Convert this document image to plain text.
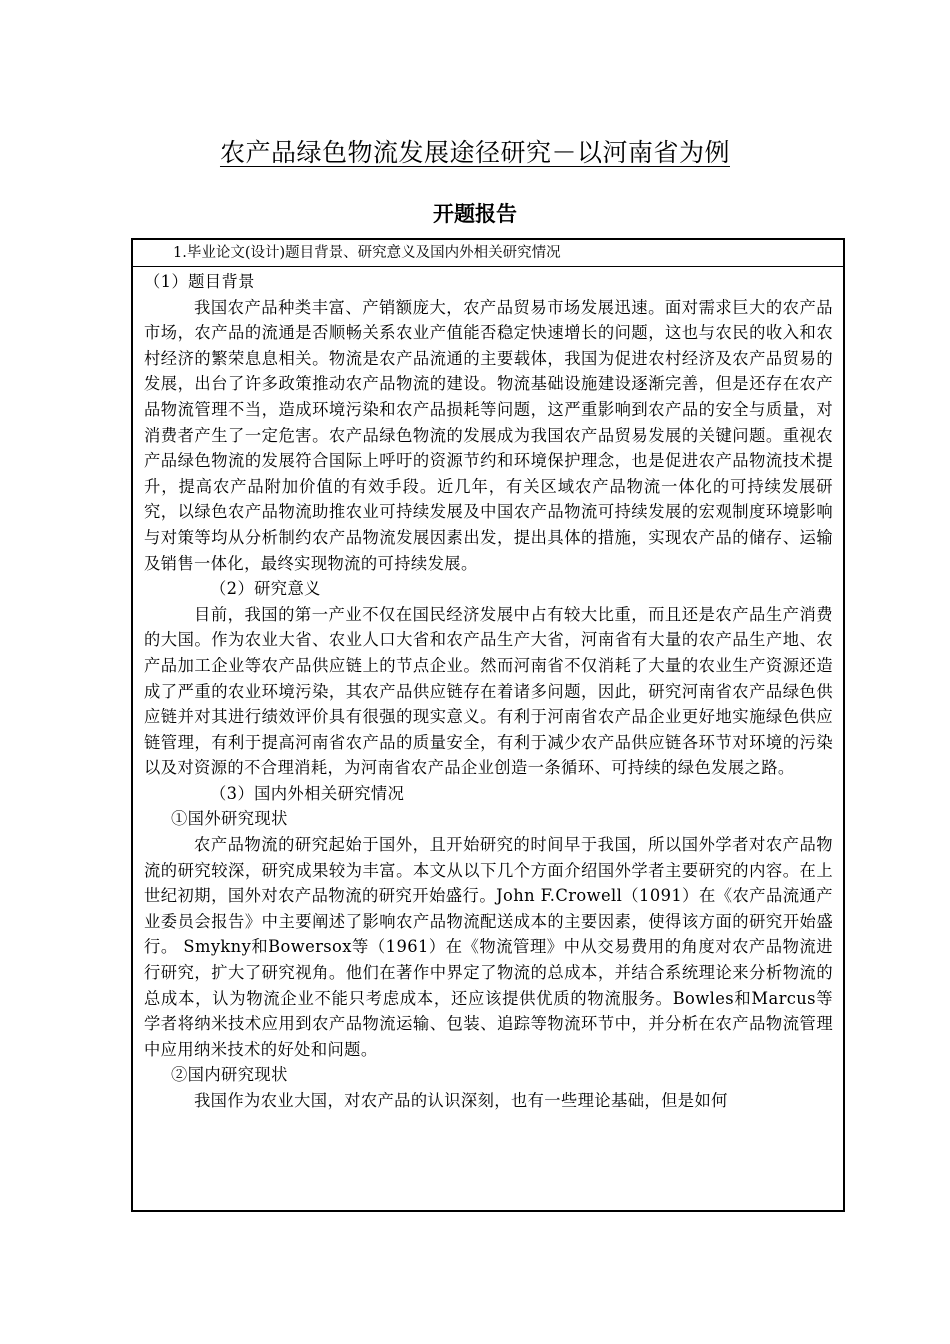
农产品绿色物流发展途径研究－以河南省为例
开题报告
1.毕业论文(设计)题目背景、研究意义及国内外相关研究情况

（1）题目背景

我国农产品种类丰富、产销额庞大，农产品贸易市场发展迅速。面对需求巨大的农产品市场，农产品的流通是否顺畅关系农业产值能否稳定快速增长的问题，这也与农民的收入和农村经济的繁荣息息相关。物流是农产品流通的主要载体，我国为促进农村经济及农产品贸易的发展，出台了许多政策推动农产品物流的建设。物流基础设施建设逐渐完善，但是还存在农产品物流管理不当，造成环境污染和农产品损耗等问题，这严重影响到农产品的安全与质量，对消费者产生了一定危害。农产品绿色物流的发展成为我国农产品贸易发展的关键问题。重视农产品绿色物流的发展符合国际上呼吁的资源节约和环境保护理念，也是促进农产品物流技术提升，提高农产品附加价值的有效手段。近几年，有关区域农产品物流一体化的可持续发展研究，以绿色农产品物流助推农业可持续发展及中国农产品物流可持续发展的宏观制度环境影响与对策等均从分析制约农产品物流发展因素出发，提出具体的措施，实现农产品的储存、运输及销售一体化，最终实现物流的可持续发展。

（2）研究意义

目前，我国的第一产业不仅在国民经济发展中占有较大比重，而且还是农产品生产消费的大国。作为农业大省、农业人口大省和农产品生产大省，河南省有大量的农产品生产地、农产品加工企业等农产品供应链上的节点企业。然而河南省不仅消耗了大量的农业生产资源还造成了严重的农业环境污染，其农产品供应链存在着诸多问题，因此，研究河南省农产品绿色供应链并对其进行绩效评价具有很强的现实意义。有利于河南省农产品企业更好地实施绿色供应链管理，有利于提高河南省农产品的质量安全，有利于减少农产品供应链各环节对环境的污染以及对资源的不合理消耗，为河南省农产品企业创造一条循环、可持续的绿色发展之路。

（3）国内外相关研究情况

①国外研究现状

农产品物流的研究起始于国外，且开始研究的时间早于我国，所以国外学者对农产品物流的研究较深，研究成果较为丰富。本文从以下几个方面介绍国外学者主要研究的内容。在上世纪初期，国外对农产品物流的研究开始盛行。John F.Crowell（1091）在《农产品流通产业委员会报告》中主要阐述了影响农产品物流配送成本的主要因素，使得该方面的研究开始盛行。 Smykny和Bowersox等（1961）在《物流管理》中从交易费用的角度对农产品物流进行研究，扩大了研究视角。他们在著作中界定了物流的总成本，并结合系统理论来分析物流的总成本，认为物流企业不能只考虑成本，还应该提供优质的物流服务。Bowles和Marcus等学者将纳米技术应用到农产品物流运输、包装、追踪等物流环节中，并分析在农产品物流管理中应用纳米技术的好处和问题。

②国内研究现状

我国作为农业大国，对农产品的认识深刻，也有一些理论基础，但是如何
